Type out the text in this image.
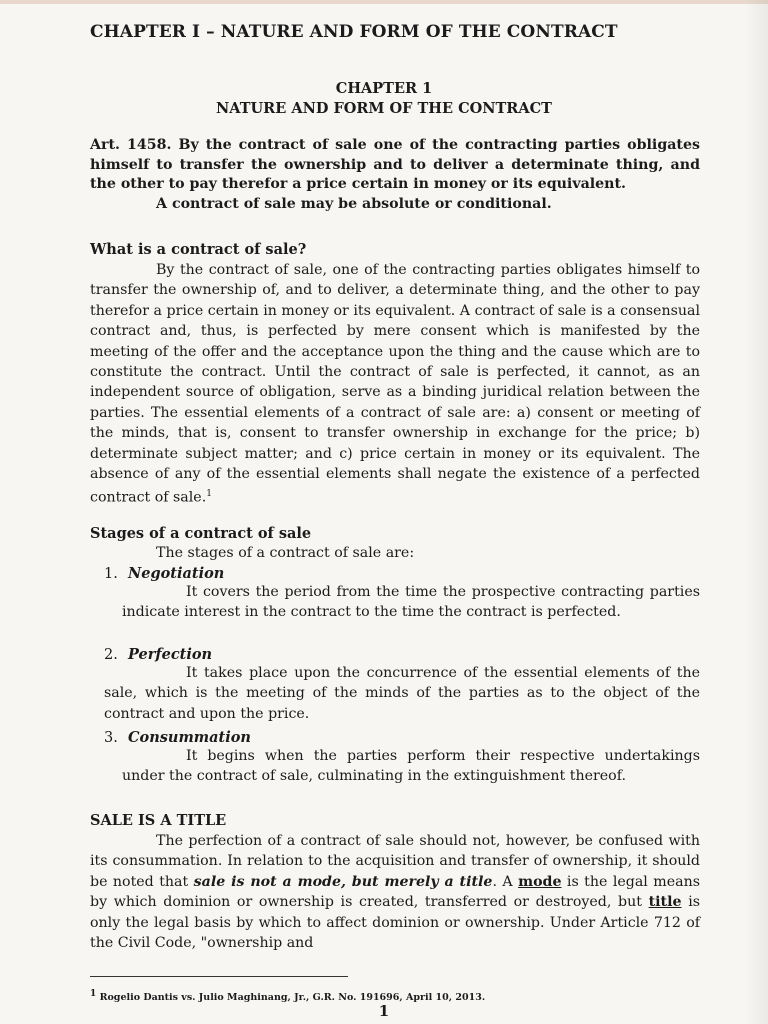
CHAPTER I – NATURE AND FORM OF THE CONTRACT
CHAPTER 1
NATURE AND FORM OF THE CONTRACT
Art. 1458. By the contract of sale one of the contracting parties obligates himself to transfer the ownership and to deliver a determinate thing, and the other to pay therefor a price certain in money or its equivalent.
A contract of sale may be absolute or conditional.
What is a contract of sale?
By the contract of sale, one of the contracting parties obligates himself to transfer the ownership of, and to deliver, a determinate thing, and the other to pay therefor a price certain in money or its equivalent. A contract of sale is a consensual contract and, thus, is perfected by mere consent which is manifested by the meeting of the offer and the acceptance upon the thing and the cause which are to constitute the contract. Until the contract of sale is perfected, it cannot, as an independent source of obligation, serve as a binding juridical relation between the parties. The essential elements of a contract of sale are: a) consent or meeting of the minds, that is, consent to transfer ownership in exchange for the price; b) determinate subject matter; and c) price certain in money or its equivalent. The absence of any of the essential elements shall negate the existence of a perfected contract of sale.$^1$
Stages of a contract of sale
The stages of a contract of sale are:
1. Negotiation
It covers the period from the time the prospective contracting parties indicate interest in the contract to the time the contract is perfected.
2. Perfection
It takes place upon the concurrence of the essential elements of the sale, which is the meeting of the minds of the parties as to the object of the contract and upon the price.
3. Consummation
It begins when the parties perform their respective undertakings under the contract of sale, culminating in the extinguishment thereof.
SALE IS A TITLE
The perfection of a contract of sale should not, however, be confused with its consummation. In relation to the acquisition and transfer of ownership, it should be noted that sale is not a mode, but merely a title. A mode is the legal means by which dominion or ownership is created, transferred or destroyed, but title is only the legal basis by which to affect dominion or ownership. Under Article 712 of the Civil Code, "ownership and
$^1$ Rogelio Dantis vs. Julio Maghinang, Jr., G.R. No. 191696, April 10, 2013.
1
